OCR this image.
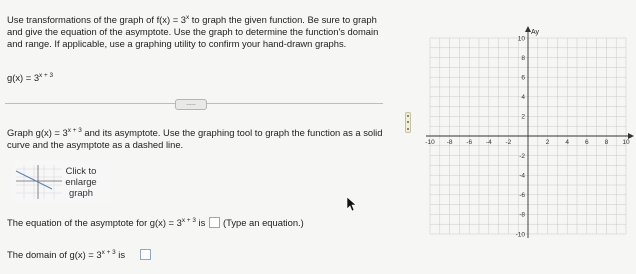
Use transformations of the graph of $f(x) = 3^x$ to graph the given function. Be sure to graph
and give the equation of the asymptote. Use the graph to determine the function's domain
and range. If applicable, use a graphing utility to confirm your hand-drawn graphs.
$g(x) = 3^{x + 3}$
.....
Graph $g(x) = 3^{x + 3}$ and its asymptote. Use the graphing tool to graph the function as a solid
curve and the asymptote as a dashed line.
Click to
enlarge
graph
The equation of the asymptote for $g(x) = 3^{x + 3}$ is (Type an equation.)
The domain of $g(x) = 3^{x + 3}$ is
-10 -8 -6 -4 -2	2 4 6 8 10
10
8
6
4
2
-2
-4
-6
-8
-10
Ay
